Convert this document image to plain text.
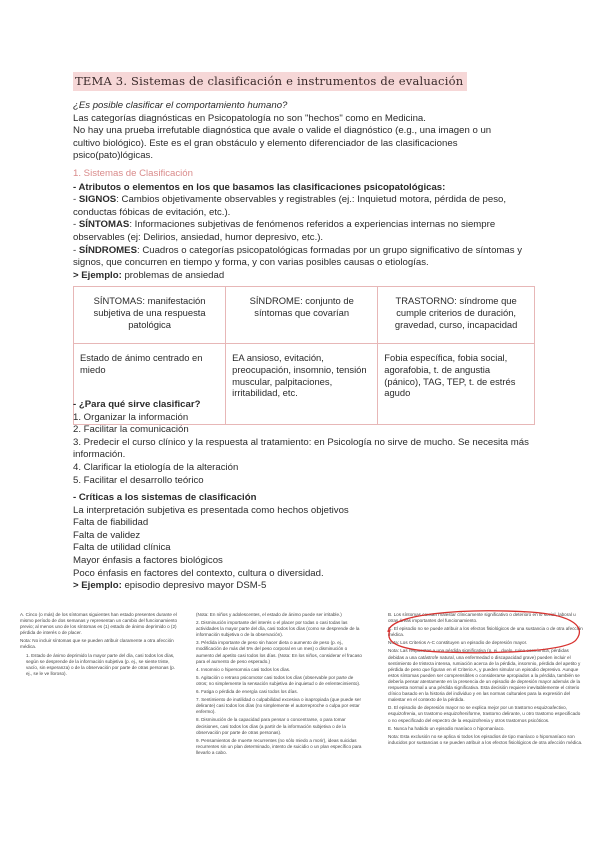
TEMA 3. Sistemas de clasificación e instrumentos de evaluación
¿Es posible clasificar el comportamiento humano?
Las categorías diagnósticas en Psicopatología no son "hechos" como en Medicina.
No hay una prueba irrefutable diagnóstica que avale o valide el diagnóstico (e.g., una imagen o un
cultivo biológico). Este es el gran obstáculo y elemento diferenciador de las clasificaciones
psico(pato)lógicas.
1. Sistemas de Clasificación
- Atributos o elementos en los que basamos las clasificaciones psicopatológicas:
- SIGNOS: Cambios objetivamente observables y registrables (ej.: Inquietud motora, pérdida de peso, conductas fóbicas de evitación, etc.).
- SÍNTOMAS: Informaciones subjetivas de fenómenos referidos a experiencias internas no siempre observables (ej: Delirios, ansiedad, humor depresivo, etc.).
- SÍNDROMES: Cuadros o categorías psicopatológicas formadas por un grupo significativo de síntomas y signos, que concurren en tiempo y forma, y con varias posibles causas o etiologías.
> Ejemplo: problemas de ansiedad
SÍNTOMAS: manifestación subjetiva de una respuesta patológica	SÍNDROME: conjunto de síntomas que covarían	TRASTORNO: síndrome que cumple criterios de duración, gravedad, curso, incapacidad
Estado de ánimo centrado en miedo	EA ansioso, evitación, preocupación, insomnio, tensión muscular, palpitaciones, irritabilidad, etc.	Fobia específica, fobia social, agorafobia, t. de angustia (pánico), TAG, TEP, t. de estrés agudo
- ¿Para qué sirve clasificar?
1. Organizar la información
2. Facilitar la comunicación
3. Predecir el curso clínico y la respuesta al tratamiento: en Psicología no sirve de mucho. Se necesita más información.
4. Clarificar la etiología de la alteración
5. Facilitar el desarrollo teórico
- Críticas a los sistemas de clasificación
La interpretación subjetiva es presentada como hechos objetivos
Falta de fiabilidad
Falta de validez
Falta de utilidad clínica
Mayor énfasis a factores biológicos
Poco énfasis en factores del contexto, cultura o diversidad.
> Ejemplo: episodio depresivo mayor DSM-5

A. Cinco (o más) de los síntomas siguientes han estado presentes durante el mismo período de dos semanas y representan un cambio del funcionamiento previo; al menos uno de los síntomas es (1) estado de ánimo deprimido o (2) pérdida de interés o de placer.

Nota: No incluir síntomas que se pueden atribuir claramente a otra afección médica.

1. Estado de ánimo deprimido la mayor parte del día, casi todos los días, según se desprende de la información subjetiva (p. ej., se siente triste, vacío, sin esperanza) o de la observación por parte de otras personas (p. ej., se le ve lloroso).

(Nota: En niños y adolescentes, el estado de ánimo puede ser irritable.)

2. Disminución importante del interés o el placer por todas o casi todas las actividades la mayor parte del día, casi todos los días (como se desprende de la información subjetiva o de la observación).

3. Pérdida importante de peso sin hacer dieta o aumento de peso (p. ej., modificación de más del 5% del peso corporal en un mes) o disminución o aumento del apetito casi todos los días. (Nota: En los niños, considerar el fracaso para el aumento de peso esperado.)

4. Insomnio o hipersomnia casi todos los días.

5. Agitación o retraso psicomotor casi todos los días (observable por parte de otros; no simplemente la sensación subjetiva de inquietud o de enlentecimiento).

6. Fatiga o pérdida de energía casi todos los días.

7. Sentimiento de inutilidad o culpabilidad excesiva o inapropiada (que puede ser delirante) casi todos los días (no simplemente el autorreproche o culpa por estar enfermo).

8. Disminución de la capacidad para pensar o concentrarse, o para tomar decisiones, casi todos los días (a partir de la información subjetiva o de la observación por parte de otras personas).

9. Pensamientos de muerte recurrentes (no sólo miedo a morir), ideas suicidas recurrentes sin un plan determinado, intento de suicidio o un plan específico para llevarlo a cabo.

B. Los síntomas causan malestar clínicamente significativo o deterioro en lo social, laboral u otras áreas importantes del funcionamiento.

C. El episodio no se puede atribuir a los efectos fisiológicos de una sustancia o de otra afección médica.

Nota: Los Criterios A-C constituyen un episodio de depresión mayor.

Nota: Las respuestas a una pérdida significativa (p. ej., duelo, ruina económica, pérdidas debidas a una catástrofe natural, una enfermedad o discapacidad grave) pueden incluir el sentimiento de tristeza intensa, rumiación acerca de la pérdida, insomnio, pérdida del apetito y pérdida de peso que figuran en el Criterio A, y pueden simular un episodio depresivo. Aunque estos síntomas pueden ser comprensibles o considerarse apropiados a la pérdida, también se debería pensar atentamente en la presencia de un episodio de depresión mayor además de la respuesta normal a una pérdida significativa. Esta decisión requiere inevitablemente el criterio clínico basado en la historia del individuo y en las normas culturales para la expresión del malestar en el contexto de la pérdida.

D. El episodio de depresión mayor no se explica mejor por un trastorno esquizoafectivo, esquizofrenia, un trastorno esquizofreniforme, trastorno delirante, u otro trastorno especificado o no especificado del espectro de la esquizofrenia y otros trastornos psicóticos.

E. Nunca ha habido un episodio maníaco o hipomaníaco.

Nota: Esta exclusión no se aplica si todos los episodios de tipo maníaco o hipomaníaco son inducidos por sustancias o se pueden atribuir a los efectos fisiológicos de otra afección médica.
